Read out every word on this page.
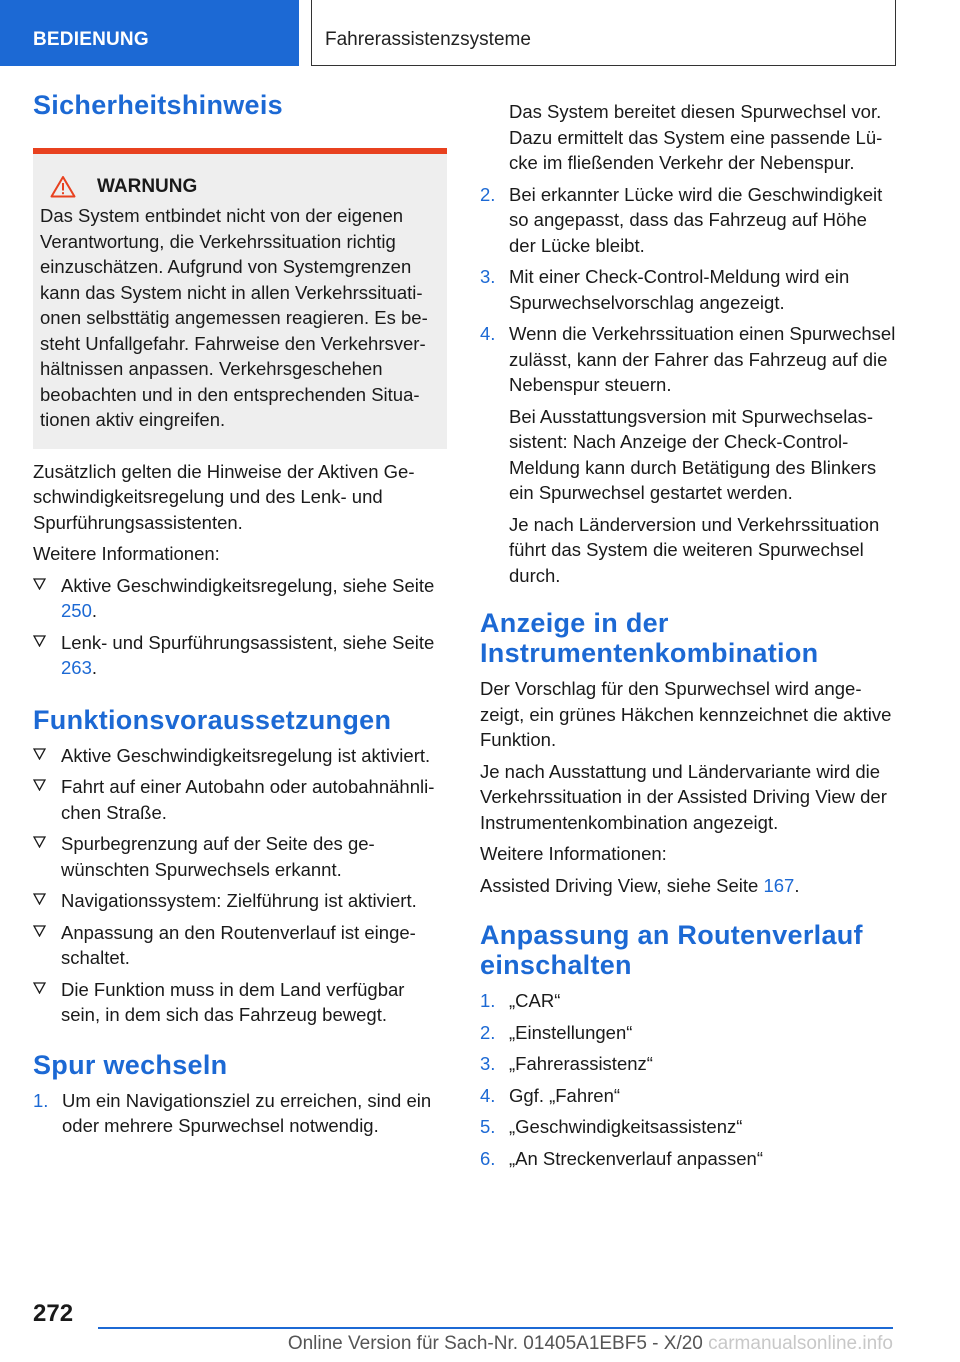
BEDIENUNG	Fahrerassistenzsysteme
Sicherheitshinweis
WARNUNG
Das System entbindet nicht von der eigenen Verantwortung, die Verkehrssituation richtig einzuschätzen. Aufgrund von Systemgrenzen kann das System nicht in allen Verkehrssituationen selbsttätig angemessen reagieren. Es besteht Unfallgefahr. Fahrweise den Verkehrsverhältnissen anpassen. Verkehrsgeschehen beobachten und in den entsprechenden Situationen aktiv eingreifen.

Zusätzlich gelten die Hinweise der Aktiven Geschwindigkeitsregelung und des Lenk- und Spurführungsassistenten.

Weitere Informationen:

Aktive Geschwindigkeitsregelung, siehe Seite 250.
Lenk- und Spurführungsassistent, siehe Seite 263.
Funktionsvoraussetzungen
Aktive Geschwindigkeitsregelung ist aktiviert.
Fahrt auf einer Autobahn oder autobahnähnlichen Straße.
Spurbegrenzung auf der Seite des gewünschten Spurwechsels erkannt.
Navigationssystem: Zielführung ist aktiviert.
Anpassung an den Routenverlauf ist eingeschaltet.
Die Funktion muss in dem Land verfügbar sein, in dem sich das Fahrzeug bewegt.
Spur wechseln
1. Um ein Navigationsziel zu erreichen, sind ein oder mehrere Spurwechsel notwendig.
Das System bereitet diesen Spurwechsel vor. Dazu ermittelt das System eine passende Lücke im fließenden Verkehr der Nebenspur.
2. Bei erkannter Lücke wird die Geschwindigkeit so angepasst, dass das Fahrzeug auf Höhe der Lücke bleibt.
3. Mit einer Check-Control-Meldung wird ein Spurwechselvorschlag angezeigt.
4. Wenn die Verkehrssituation einen Spurwechsel zulässt, kann der Fahrer das Fahrzeug auf die Nebenspur steuern.
Bei Ausstattungsversion mit Spurwechselassistent: Nach Anzeige der Check-Control-Meldung kann durch Betätigung des Blinkers ein Spurwechsel gestartet werden.
Je nach Länderversion und Verkehrssituation führt das System die weiteren Spurwechsel durch.
Anzeige in der Instrumentenkombination

Der Vorschlag für den Spurwechsel wird angezeigt, ein grünes Häkchen kennzeichnet die aktive Funktion.

Je nach Ausstattung und Ländervariante wird die Verkehrssituation in der Assisted Driving View der Instrumentenkombination angezeigt.

Weitere Informationen:

Assisted Driving View, siehe Seite 167.

Anpassung an Routenverlauf einschalten
1. „CAR“
2. „Einstellungen“
3. „Fahrerassistenz“
4. Ggf. „Fahren“
5. „Geschwindigkeitsassistenz“
6. „An Streckenverlauf anpassen“
272
Online Version für Sach-Nr. 01405A1EBF5 - X/20 carmanualsonline.info
